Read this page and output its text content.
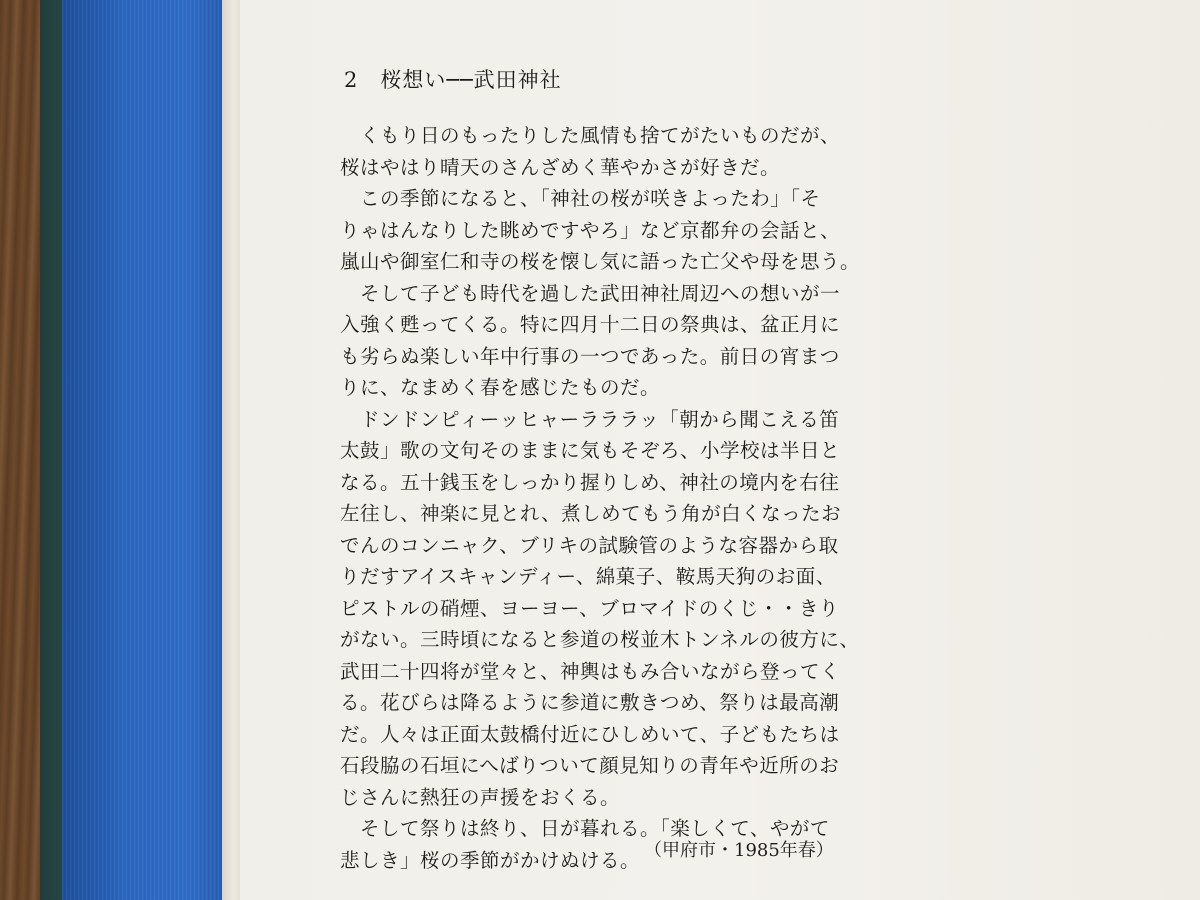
2 桜想い──武田神社
　くもり日のもったりした風情も捨てがたいものだが、
桜はやはり晴天のさんざめく華やかさが好きだ。
　この季節になると、「神社の桜が咲きよったわ」「そ
りゃはんなりした眺めですやろ」など京都弁の会話と、
嵐山や御室仁和寺の桜を懐し気に語った亡父や母を思う。
　そして子ども時代を過した武田神社周辺への想いが一
入強く甦ってくる。特に四月十二日の祭典は、盆正月に
も劣らぬ楽しい年中行事の一つであった。前日の宵まつ
りに、なまめく春を感じたものだ。
　ドンドンピィーッヒャーラララッ「朝から聞こえる笛
太鼓」歌の文句そのままに気もそぞろ、小学校は半日と
なる。五十銭玉をしっかり握りしめ、神社の境内を右往
左往し、神楽に見とれ、煮しめてもう角が白くなったお
でんのコンニャク、ブリキの試験管のような容器から取
りだすアイスキャンディー、綿菓子、鞍馬天狗のお面、
ピストルの硝煙、ヨーヨー、ブロマイドのくじ・・きり
がない。三時頃になると参道の桜並木トンネルの彼方に、
武田二十四将が堂々と、神輿はもみ合いながら登ってく
る。花びらは降るように参道に敷きつめ、祭りは最高潮
だ。人々は正面太鼓橋付近にひしめいて、子どもたちは
石段脇の石垣にへばりついて顔見知りの青年や近所のお
じさんに熱狂の声援をおくる。
　そして祭りは終り、日が暮れる。「楽しくて、やがて
悲しき」桜の季節がかけぬける。 （甲府市・1985年春）
